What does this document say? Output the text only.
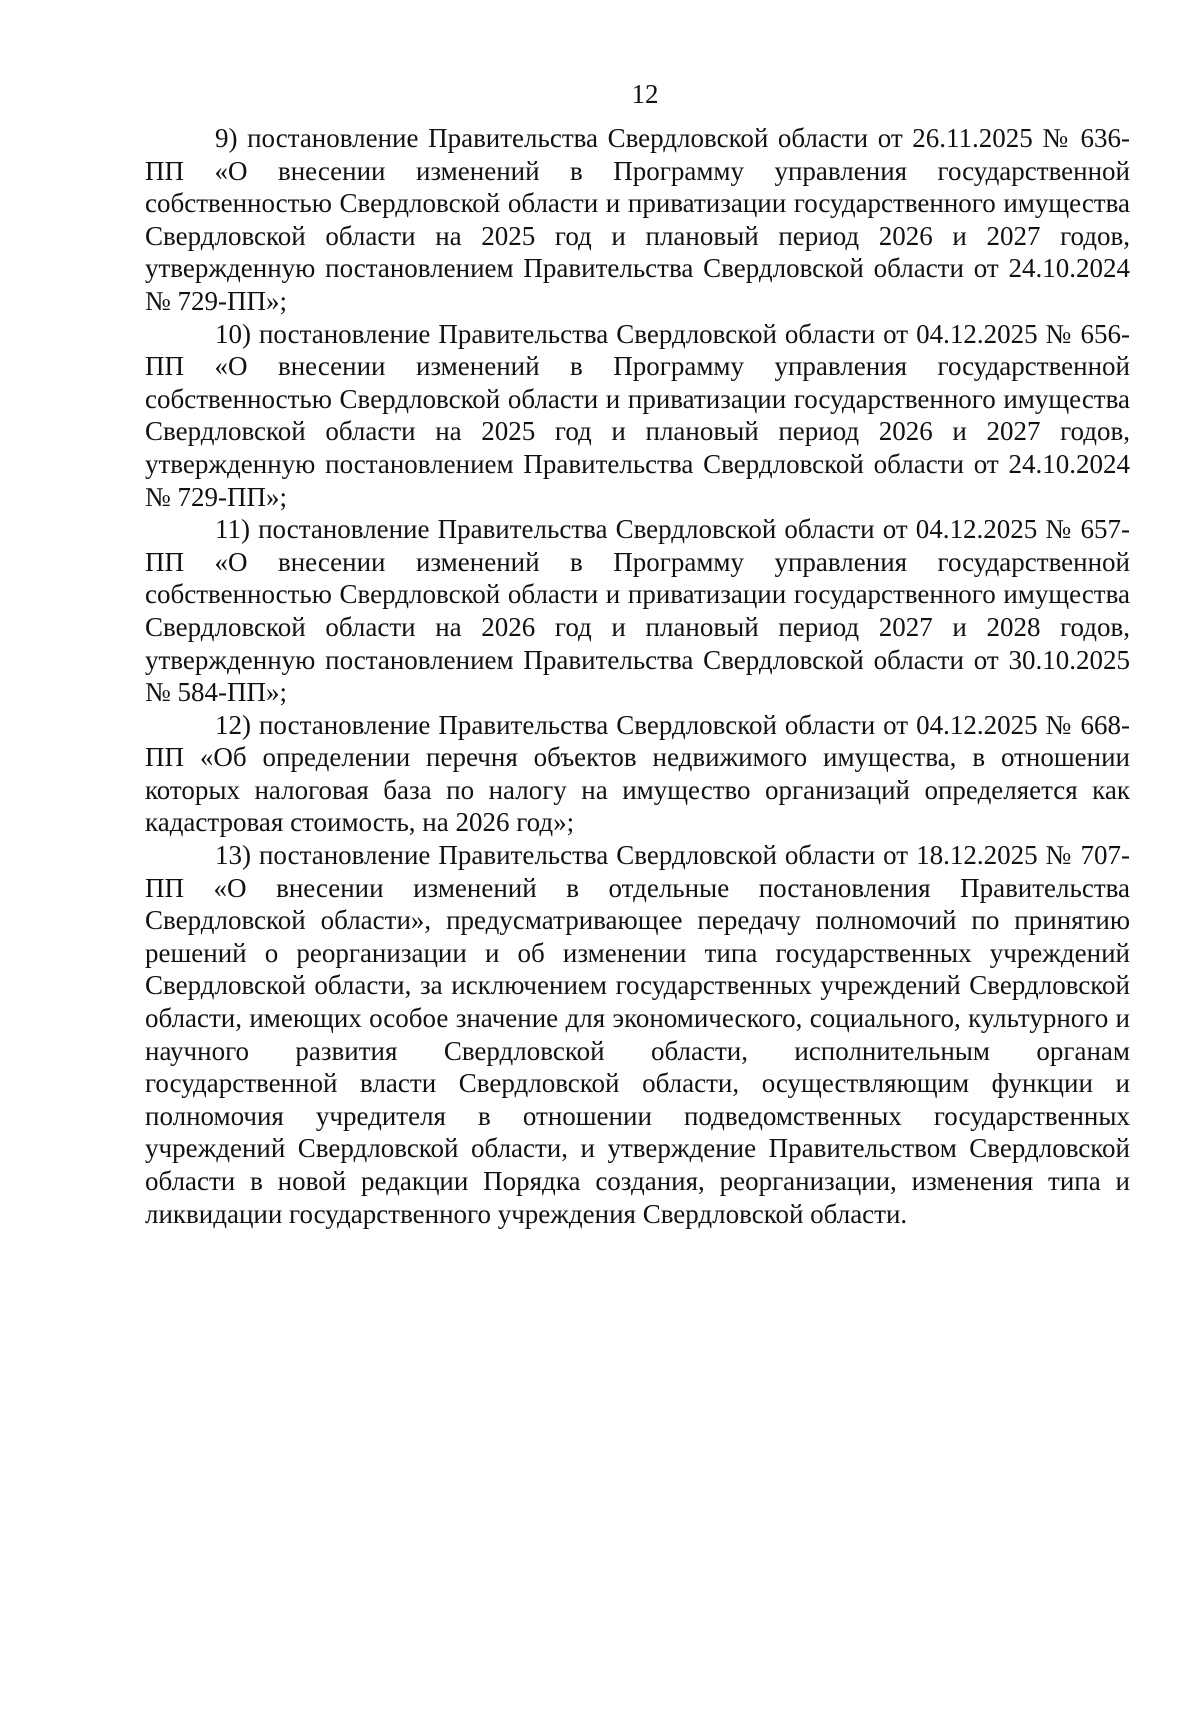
12

9) постановление Правительства Свердловской области от 26.11.2025 № 636-ПП «О внесении изменений в Программу управления государственной собственностью Свердловской области и приватизации государственного имущества Свердловской области на 2025 год и плановый период 2026 и 2027 годов, утвержденную постановлением Правительства Свердловской области от 24.10.2024 № 729-ПП»;

10) постановление Правительства Свердловской области от 04.12.2025 № 656-ПП «О внесении изменений в Программу управления государственной собственностью Свердловской области и приватизации государственного имущества Свердловской области на 2025 год и плановый период 2026 и 2027 годов, утвержденную постановлением Правительства Свердловской области от 24.10.2024 № 729-ПП»;

11) постановление Правительства Свердловской области от 04.12.2025 № 657-ПП «О внесении изменений в Программу управления государственной собственностью Свердловской области и приватизации государственного имущества Свердловской области на 2026 год и плановый период 2027 и 2028 годов, утвержденную постановлением Правительства Свердловской области от 30.10.2025 № 584-ПП»;

12) постановление Правительства Свердловской области от 04.12.2025 № 668-ПП «Об определении перечня объектов недвижимого имущества, в отношении которых налоговая база по налогу на имущество организаций определяется как кадастровая стоимость, на 2026 год»;

13) постановление Правительства Свердловской области от 18.12.2025 № 707-ПП «О внесении изменений в отдельные постановления Правительства Свердловской области», предусматривающее передачу полномочий по принятию решений о реорганизации и об изменении типа государственных учреждений Свердловской области, за исключением государственных учреждений Свердловской области, имеющих особое значение для экономического, социального, культурного и научного развития Свердловской области, исполнительным органам государственной власти Свердловской области, осуществляющим функции и полномочия учредителя в отношении подведомственных государственных учреждений Свердловской области, и утверждение Правительством Свердловской области в новой редакции Порядка создания, реорганизации, изменения типа и ликвидации государственного учреждения Свердловской области.
